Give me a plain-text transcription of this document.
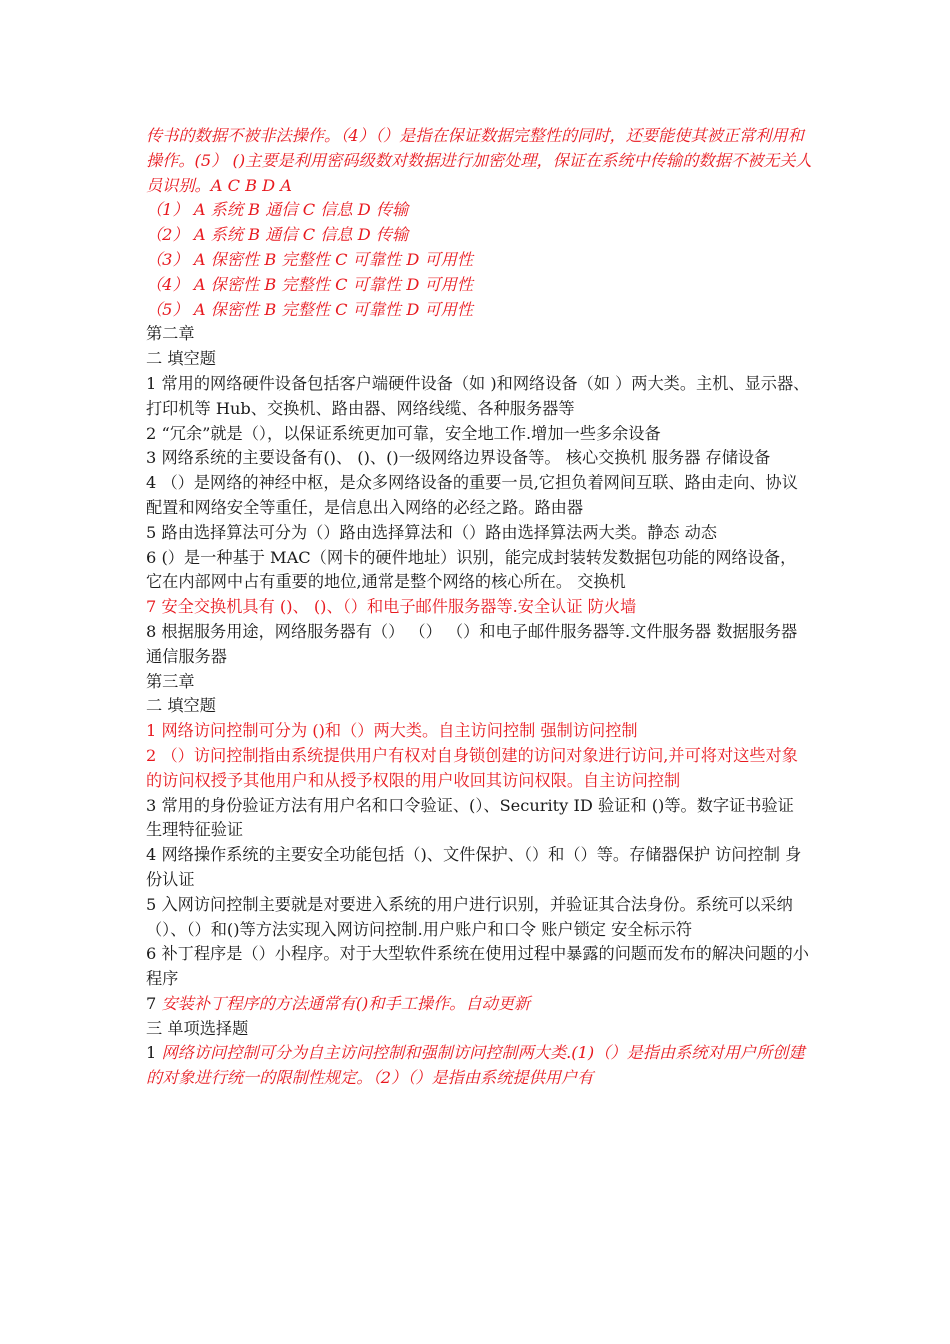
传书的数据不被非法操作。（4）（）是指在保证数据完整性的同时，还要能使其被正常利用和操作。(5） ()主要是利用密码级数对数据进行加密处理，保证在系统中传输的数据不被无关人员识别。A C B D A

（1） A 系统 B 通信 C 信息 D 传输

（2） A 系统 B 通信 C 信息 D 传输

（3） A 保密性 B 完整性 C 可靠性 D 可用性

（4） A 保密性 B 完整性 C 可靠性 D 可用性

（5） A 保密性 B 完整性 C 可靠性 D 可用性

第二章

二 填空题

1 常用的网络硬件设备包括客户端硬件设备（如 )和网络设备（如 ）两大类。主机、显示器、打印机等 Hub、交换机、路由器、网络线缆、各种服务器等

2 “冗余”就是（），以保证系统更加可靠，安全地工作.增加一些多余设备

3 网络系统的主要设备有()、 ()、()一级网络边界设备等。 核心交换机 服务器 存储设备

4 （）是网络的神经中枢，是众多网络设备的重要一员,它担负着网间互联、路由走向、协议配置和网络安全等重任，是信息出入网络的必经之路。路由器

5 路由选择算法可分为（）路由选择算法和（）路由选择算法两大类。静态 动态

6 (）是一种基于 MAC（网卡的硬件地址）识别，能完成封装转发数据包功能的网络设备，它在内部网中占有重要的地位,通常是整个网络的核心所在。 交换机

7 安全交换机具有 ()、 ()、（）和电子邮件服务器等.安全认证 防火墙

8 根据服务用途，网络服务器有（） （） （）和电子邮件服务器等.文件服务器 数据服务器 通信服务器

第三章

二 填空题

1 网络访问控制可分为 ()和（）两大类。自主访问控制 强制访问控制

2 （）访问控制指由系统提供用户有权对自身锁创建的访问对象进行访问,并可将对这些对象的访问权授予其他用户和从授予权限的用户收回其访问权限。自主访问控制

3 常用的身份验证方法有用户名和口令验证、(）、Security ID 验证和 ()等。数字证书验证 生理特征验证

4 网络操作系统的主要安全功能包括（)、文件保护、（）和（）等。存储器保护 访问控制 身份认证

5 入网访问控制主要就是对要进入系统的用户进行识别，并验证其合法身份。系统可以采纳（）、（）和()等方法实现入网访问控制.用户账户和口令 账户锁定 安全标示符

6 补丁程序是（）小程序。对于大型软件系统在使用过程中暴露的问题而发布的解决问题的小程序

7 安装补丁程序的方法通常有()和手工操作。自动更新

三 单项选择题

1 网络访问控制可分为自主访问控制和强制访问控制两大类.(1)（）是指由系统对用户所创建的对象进行统一的限制性规定。（2）（）是指由系统提供用户有
